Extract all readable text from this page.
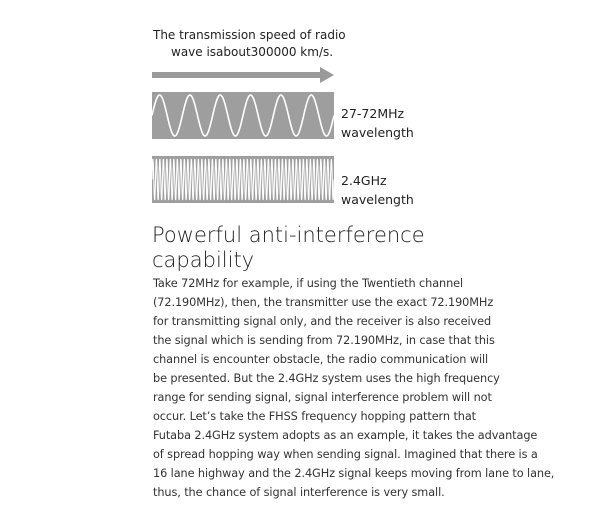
The transmission speed of radio
wave isabout300000 km/s.
27-72MHz
wavelength
2.4GHz
wavelength
Powerful anti-interference
capability
Take 72MHz for example, if using the Twentieth channel
(72.190MHz), then, the transmitter use the exact 72.190MHz
for transmitting signal only, and the receiver is also received
the signal which is sending from 72.190MHz, in case that this
channel is encounter obstacle, the radio communication will
be presented. But the 2.4GHz system uses the high frequency
range for sending signal, signal interference problem will not
occur. Let’s take the FHSS frequency hopping pattern that
Futaba 2.4GHz system adopts as an example, it takes the advantage
of spread hopping way when sending signal. Imagined that there is a
16 lane highway and the 2.4GHz signal keeps moving from lane to lane,
thus, the chance of signal interference is very small.
